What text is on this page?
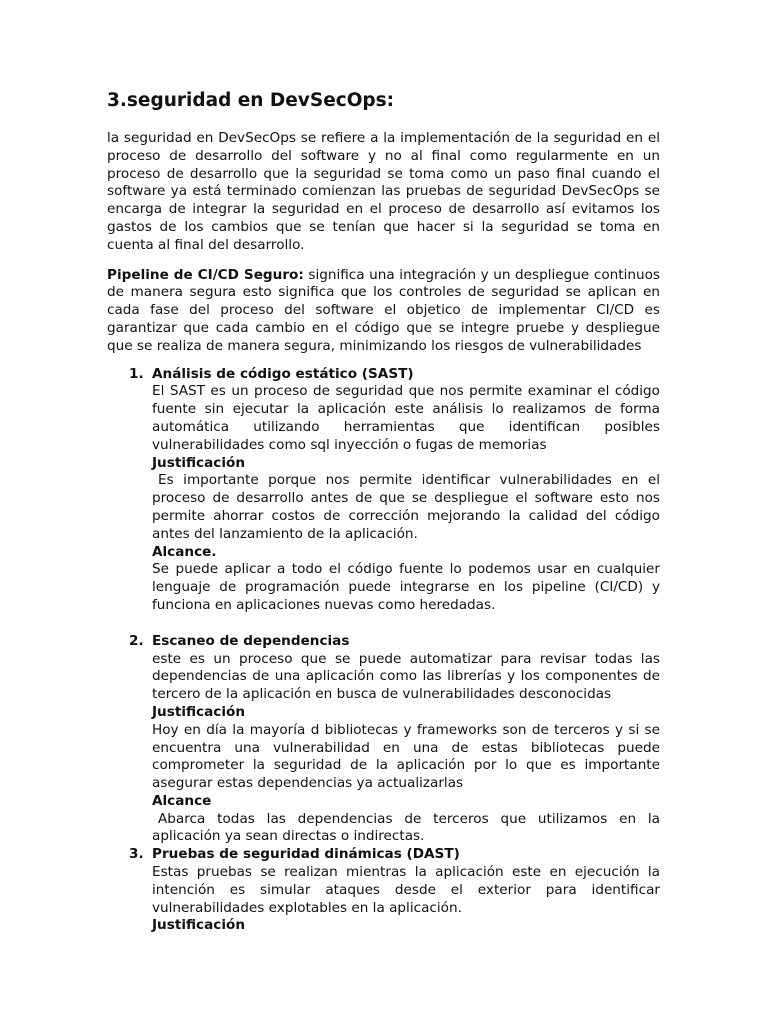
3.seguridad en DevSecOps:

la seguridad en DevSecOps se refiere a la implementación de la seguridad en el proceso de desarrollo del software y no al final como regularmente en un proceso de desarrollo que la seguridad se toma como un paso final cuando el software ya está terminado comienzan las pruebas de seguridad DevSecOps se encarga de integrar la seguridad en el proceso de desarrollo así evitamos los gastos de los cambios que se tenían que hacer si la seguridad se toma en cuenta al final del desarrollo.

Pipeline de CI/CD Seguro: significa una integración y un despliegue continuos de manera segura esto significa que los controles de seguridad se aplican en cada fase del proceso del software el objetico de implementar CI/CD es garantizar que cada cambio en el código que se integre pruebe y despliegue que se realiza de manera segura, minimizando los riesgos de vulnerabilidades

1. Análisis de código estático (SAST)

El SAST es un proceso de seguridad que nos permite examinar el código fuente sin ejecutar la aplicación este análisis lo realizamos de forma automática utilizando herramientas que identifican posibles vulnerabilidades como sql inyección o fugas de memorias

Justificación

Es importante porque nos permite identificar vulnerabilidades en el proceso de desarrollo antes de que se despliegue el software esto nos permite ahorrar costos de corrección mejorando la calidad del código antes del lanzamiento de la aplicación.

Alcance.

Se puede aplicar a todo el código fuente lo podemos usar en cualquier lenguaje de programación puede integrarse en los pipeline (CI/CD) y funciona en aplicaciones nuevas como heredadas.

2. Escaneo de dependencias

este es un proceso que se puede automatizar para revisar todas las dependencias de una aplicación como las librerías y los componentes de tercero de la aplicación en busca de vulnerabilidades desconocidas

Justificación

Hoy en día la mayoría d bibliotecas y frameworks son de terceros y si se encuentra una vulnerabilidad en una de estas bibliotecas puede comprometer la seguridad de la aplicación por lo que es importante asegurar estas dependencias ya actualizarlas

Alcance

Abarca todas las dependencias de terceros que utilizamos en la aplicación ya sean directas o indirectas.

3. Pruebas de seguridad dinámicas (DAST)

Estas pruebas se realizan mientras la aplicación este en ejecución la intención es simular ataques desde el exterior para identificar vulnerabilidades explotables en la aplicación.

Justificación
